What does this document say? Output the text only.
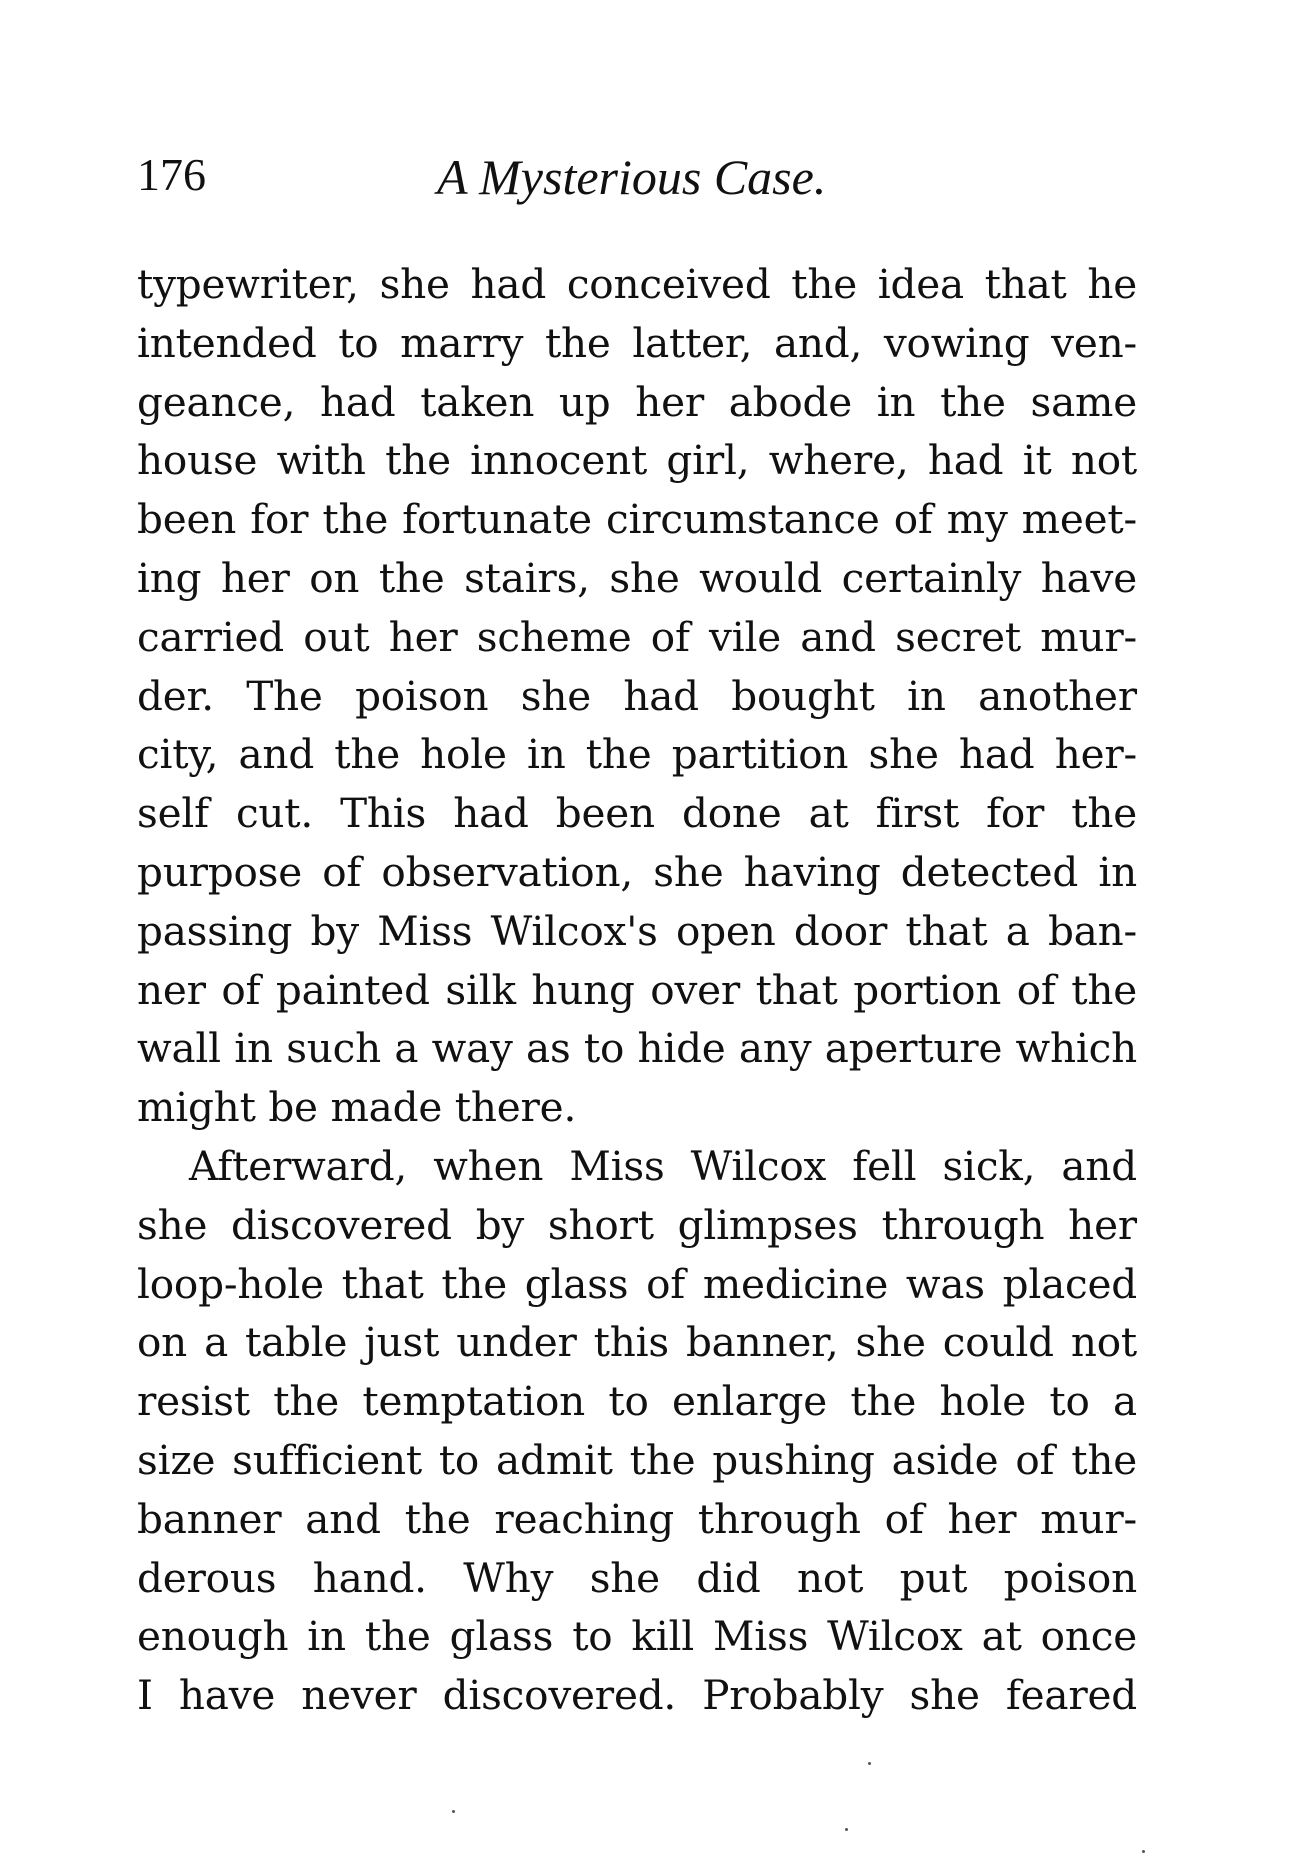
176	A Mysterious Case.
typewriter, she had conceived the idea that he
intended to marry the latter, and, vowing ven-
geance, had taken up her abode in the same
house with the innocent girl, where, had it not
been for the fortunate circumstance of my meet-
ing her on the stairs, she would certainly have
carried out her scheme of vile and secret mur-
der. The poison she had bought in another
city, and the hole in the partition she had her-
self cut. This had been done at first for the
purpose of observation, she having detected in
passing by Miss Wilcox's open door that a ban-
ner of painted silk hung over that portion of the
wall in such a way as to hide any aperture which
might be made there.
Afterward, when Miss Wilcox fell sick, and
she discovered by short glimpses through her
loop-hole that the glass of medicine was placed
on a table just under this banner, she could not
resist the temptation to enlarge the hole to a
size sufficient to admit the pushing aside of the
banner and the reaching through of her mur-
derous hand. Why she did not put poison
enough in the glass to kill Miss Wilcox at once
I have never discovered. Probably she feared
